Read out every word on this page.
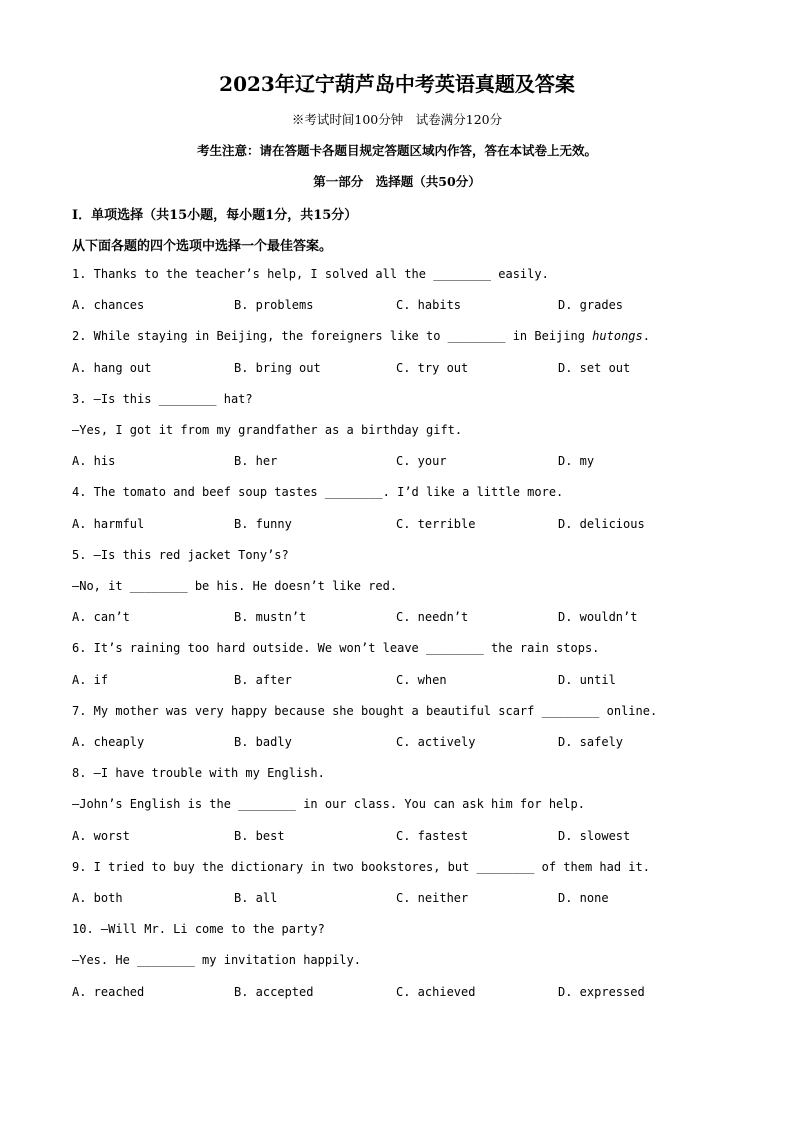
2023年辽宁葫芦岛中考英语真题及答案
※考试时间100分钟　试卷满分120分
考生注意：请在答题卡各题目规定答题区域内作答，答在本试卷上无效。
第一部分　选择题（共50分）
Ⅰ．单项选择（共15小题，每小题1分，共15分）
从下面各题的四个选项中选择一个最佳答案。
1. Thanks to the teacher’s help, I solved all the ________ easily.

A. chances

	B. problems

	C. habits

	D. grades

2. While staying in Beijing, the foreigners like to ________ in Beijing hutongs.

A. hang out

	B. bring out

	C. try out

	D. set out

3. —Is this ________ hat?
—Yes, I got it from my grandfather as a birthday gift.

A. his

	B. her

	C. your

	D. my

4. The tomato and beef soup tastes ________. I’d like a little more.

A. harmful

	B. funny

	C. terrible

	D. delicious

5. —Is this red jacket Tony’s?
—No, it ________ be his. He doesn’t like red.

A. can’t

	B. mustn’t

	C. needn’t

	D. wouldn’t

6. It’s raining too hard outside. We won’t leave ________ the rain stops.

A. if

	B. after

	C. when

	D. until

7. My mother was very happy because she bought a beautiful scarf ________ online.

A. cheaply

	B. badly

	C. actively

	D. safely

8. —I have trouble with my English.
—John’s English is the ________ in our class. You can ask him for help.

A. worst

	B. best

	C. fastest

	D. slowest

9. I tried to buy the dictionary in two bookstores, but ________ of them had it.

A. both

	B. all

	C. neither

	D. none

10. —Will Mr. Li come to the party?
—Yes. He ________ my invitation happily.

A. reached

	B. accepted

	C. achieved

	D. expressed
